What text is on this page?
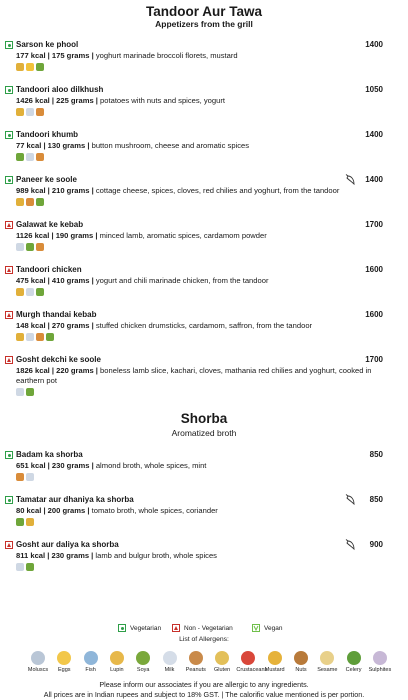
Tandoor Aur Tawa
Appetizers from the grill
Sarson ke phool	1400
177 kcal | 175 grams | yoghurt marinade broccoli florets, mustard
Tandoori aloo dilkhush	1050
1426 kcal | 225 grams | potatoes with nuts and spices, yogurt
Tandoori khumb	1400
77 kcal | 130 grams | button mushroom, cheese and aromatic spices
Paneer ke soole	1400
989 kcal | 210 grams | cottage cheese, spices, cloves, red chilies and yoghurt, from the tandoor
Galawat ke kebab	1700
1126 kcal | 190 grams | minced lamb, aromatic spices, cardamom powder
Tandoori chicken	1600
475 kcal | 410 grams | yogurt and chili marinade chicken, from the tandoor
Murgh thandai kebab	1600
148 kcal | 270 grams | stuffed chicken drumsticks, cardamom, saffron, from the tandoor
Gosht dekchi ke soole	1700
1826 kcal | 220 grams | boneless lamb slice, kachari, cloves, mathania red chilies and yoghurt, cooked in earthern pot
Shorba
Aromatized broth
Badam ka shorba	850
651 kcal | 230 grams | almond broth, whole spices, mint
Tamatar aur dhaniya ka shorba	850
80 kcal | 200 grams | tomato broth, whole spices, coriander
Gosht aur daliya ka shorba	900
811 kcal | 230 grams | lamb and bulgur broth, whole spices
Vegetarian	Non - Vegetarian	Vegan
List of Allergens:
Moluscs	Eggs	Fish	Lupin	Soya	Milk	Peanuts	Gluten	Crustaceans
Mustard	Nuts	Sesame	Celery	Sulphites
Please inform our associates if you are allergic to any ingredients.
All prices are in Indian rupees and subject to 18% GST. | The calorific value mentioned is per portion.
